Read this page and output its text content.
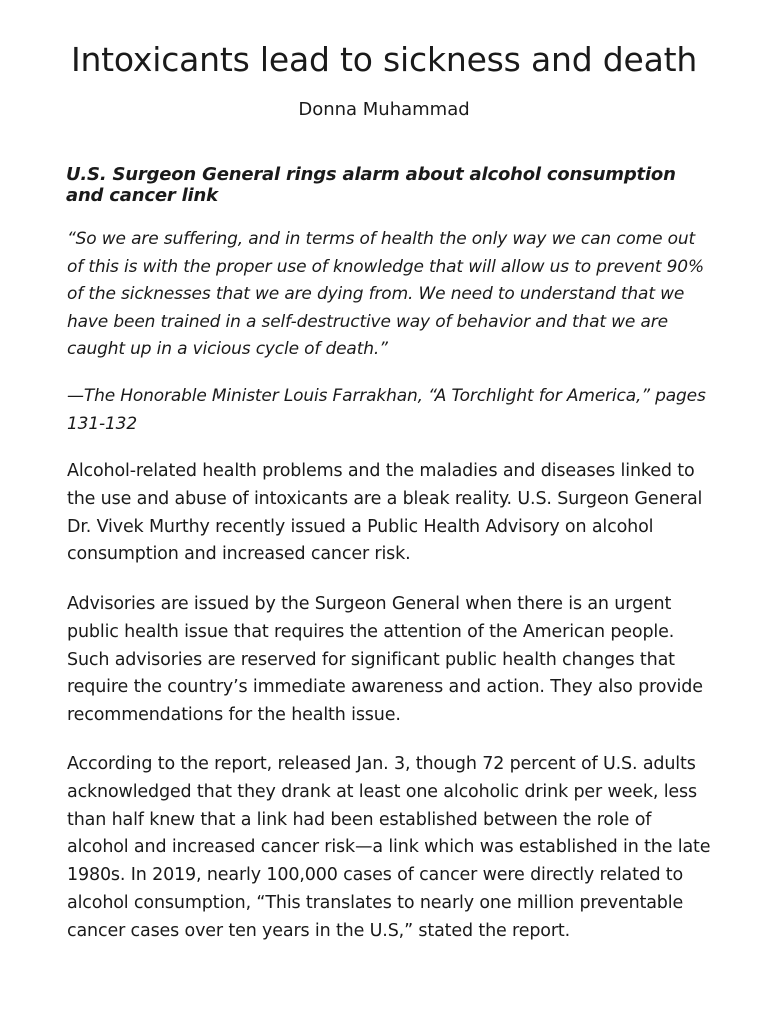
Intoxicants lead to sickness and death

Donna Muhammad

U.S. Surgeon General rings alarm about alcohol consumption and cancer link

“So we are suffering, and in terms of health the only way we can come out of this is with the proper use of knowledge that will allow us to prevent 90% of the sicknesses that we are dying from. We need to understand that we have been trained in a self-destructive way of behavior and that we are caught up in a vicious cycle of death.”

—The Honorable Minister Louis Farrakhan, “A Torchlight for America,” pages 131-132

Alcohol-related health problems and the maladies and diseases linked to the use and abuse of intoxicants are a bleak reality. U.S. Surgeon General Dr. Vivek Murthy recently issued a Public Health Advisory on alcohol consumption and increased cancer risk.

Advisories are issued by the Surgeon General when there is an urgent public health issue that requires the attention of the American people. Such advisories are reserved for significant public health changes that require the country’s immediate awareness and action. They also provide recommendations for the health issue.

According to the report, released Jan. 3, though 72 percent of U.S. adults acknowledged that they drank at least one alcoholic drink per week, less than half knew that a link had been established between the role of alcohol and increased cancer risk—a link which was established in the late 1980s. In 2019, nearly 100,000 cases of cancer were directly related to alcohol consumption, “This translates to nearly one million preventable cancer cases over ten years in the U.S,” stated the report.
